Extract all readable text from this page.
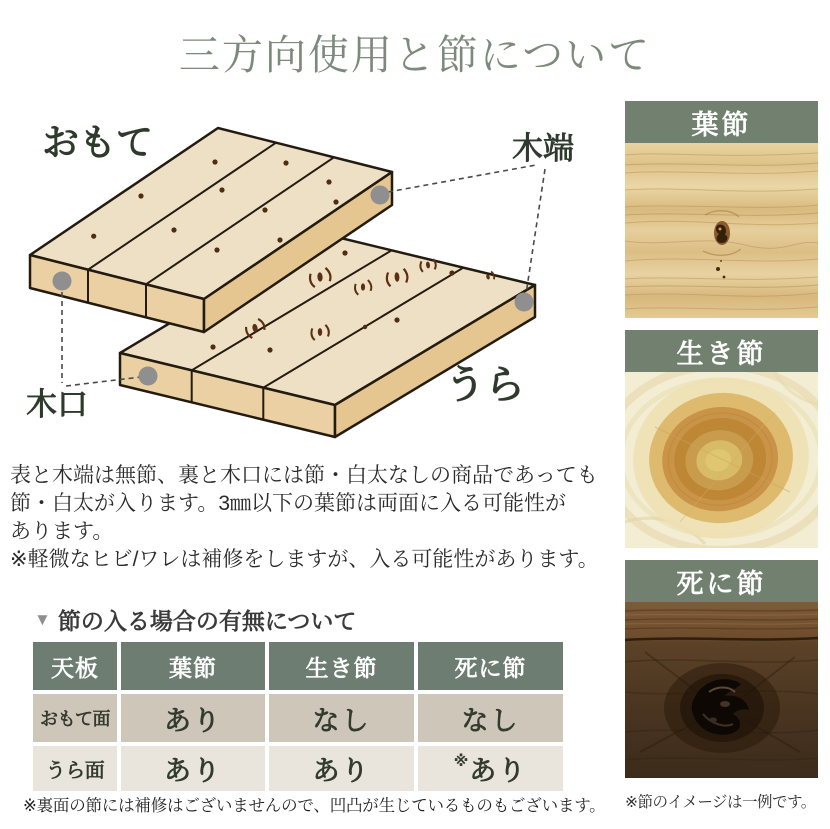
三方向使用と節について
おもて
うら
木端
木口
表と木端は無節、裏と木口には節・白太なしの商品であっても
節・白太が入ります。3㎜以下の葉節は両面に入る可能性が
あります。
※軽微なヒビ/ワレは補修をしますが、入る可能性があります。
▼ 節の入る場合の有無について
天板	葉節	生き節	死に節
おもて面	あり	なし	なし
うら面	あり	あり	※ あり
※裏面の節には補修はございませんので、凹凸が生じているものもございます。
葉節
生き節
死に節
※節のイメージは一例です。
